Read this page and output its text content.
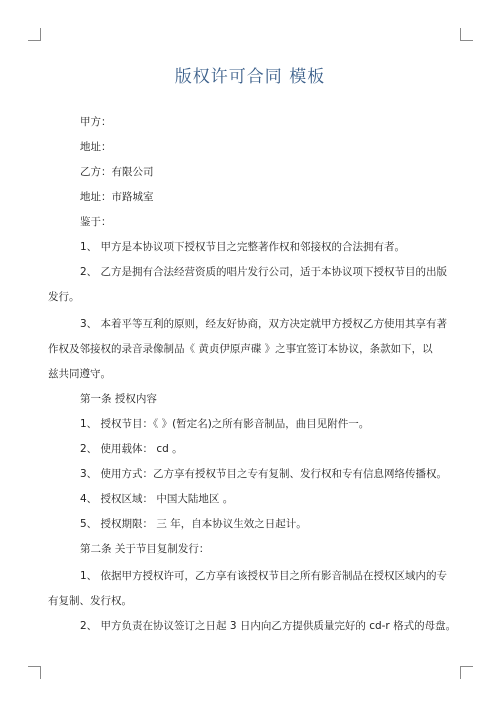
版权许可合同 模板
甲方：
地址：
乙方：有限公司
地址：市路城室
鉴于：
1、 甲方是本协议项下授权节目之完整著作权和邻接权的合法拥有者。
2、 乙方是拥有合法经营资质的唱片发行公司，适于本协议项下授权节目的出版
发行。
3、 本着平等互利的原则，经友好协商，双方决定就甲方授权乙方使用其享有著
作权及邻接权的录音录像制品《 黄贞伊原声碟 》之事宜签订本协议，条款如下，以
兹共同遵守。
第一条 授权内容
1、 授权节目：《 》(暂定名)之所有影音制品，曲目见附件一。
2、 使用载体： cd 。
3、 使用方式：乙方享有授权节目之专有复制、发行权和专有信息网络传播权。
4、 授权区域： 中国大陆地区 。
5、 授权期限： 三 年，自本协议生效之日起计。
第二条 关于节目复制发行：
1、 依据甲方授权许可，乙方享有该授权节目之所有影音制品在授权区域内的专
有复制、发行权。
2、 甲方负责在协议签订之日起 3 日内向乙方提供质量完好的 cd-r 格式的母盘。
